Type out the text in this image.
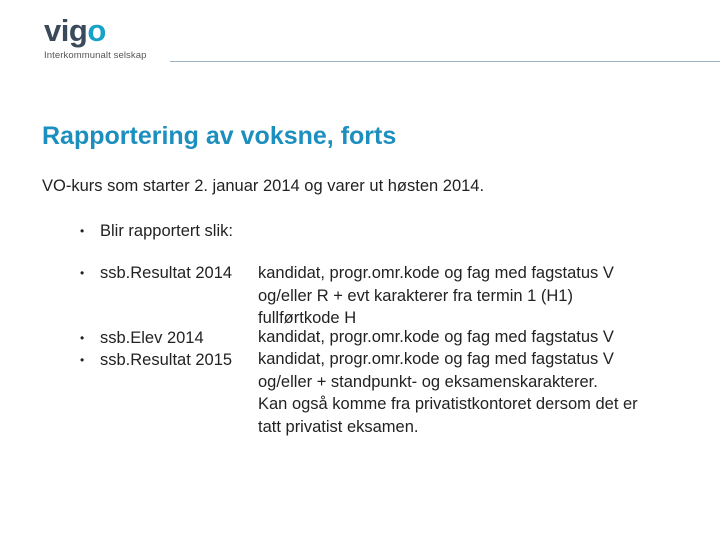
vigo
Interkommunalt selskap
Rapportering av voksne, forts
VO-kurs som starter 2. januar 2014 og varer ut høsten 2014.
• Blir rapportert slik:
• ssb.Resultat 2014 kandidat, progr.omr.kode og fag med fagstatus V
og/eller R + evt karakterer fra termin 1 (H1)
fullførtkode H
• ssb.Elev 2014	kandidat, progr.omr.kode og fag med fagstatus V
• ssb.Resultat 2015 kandidat, progr.omr.kode og fag med fagstatus V
og/eller + standpunkt- og eksamenskarakterer.
Kan også komme fra privatistkontoret dersom det er
tatt privatist eksamen.
